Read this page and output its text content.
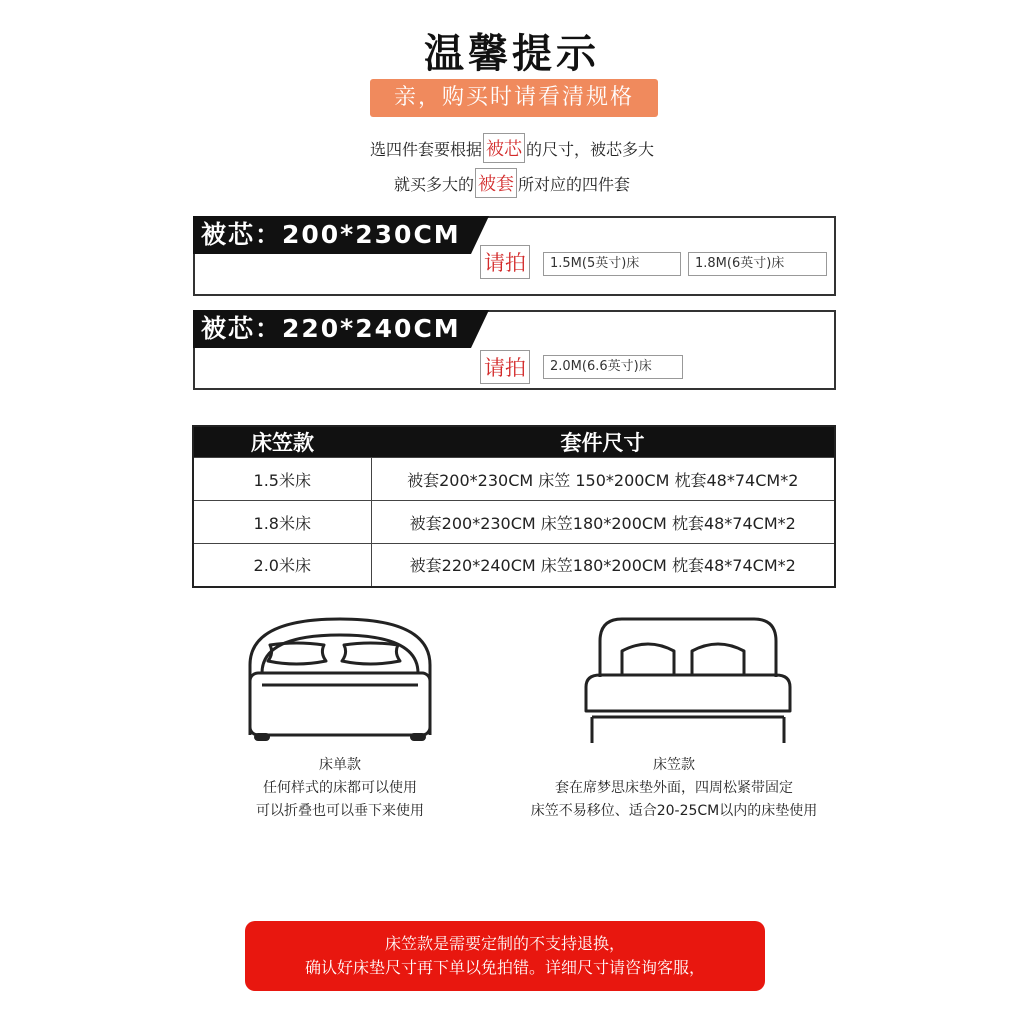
温馨提示
亲，购买时请看清规格
选四件套要根据 被芯 的尺寸，被芯多大
就买多大的 被套 所对应的四件套
被芯：200*230CM
请拍	1.5M(5英寸)床	1.8M(6英寸)床
被芯：220*240CM
请拍	2.0M(6.6英寸)床
床笠款	套件尺寸
1.5米床	被套200*230CM 床笠 150*200CM 枕套48*74CM*2
1.8米床	被套200*230CM 床笠180*200CM 枕套48*74CM*2
2.0米床	被套220*240CM 床笠180*200CM 枕套48*74CM*2
床单款
任何样式的床都可以使用
可以折叠也可以垂下来使用
床笠款
套在席梦思床垫外面，四周松紧带固定
床笠不易移位、适合20-25CM以内的床垫使用
床笠款是需要定制的不支持退换，
确认好床垫尺寸再下单以免拍错。详细尺寸请咨询客服，
